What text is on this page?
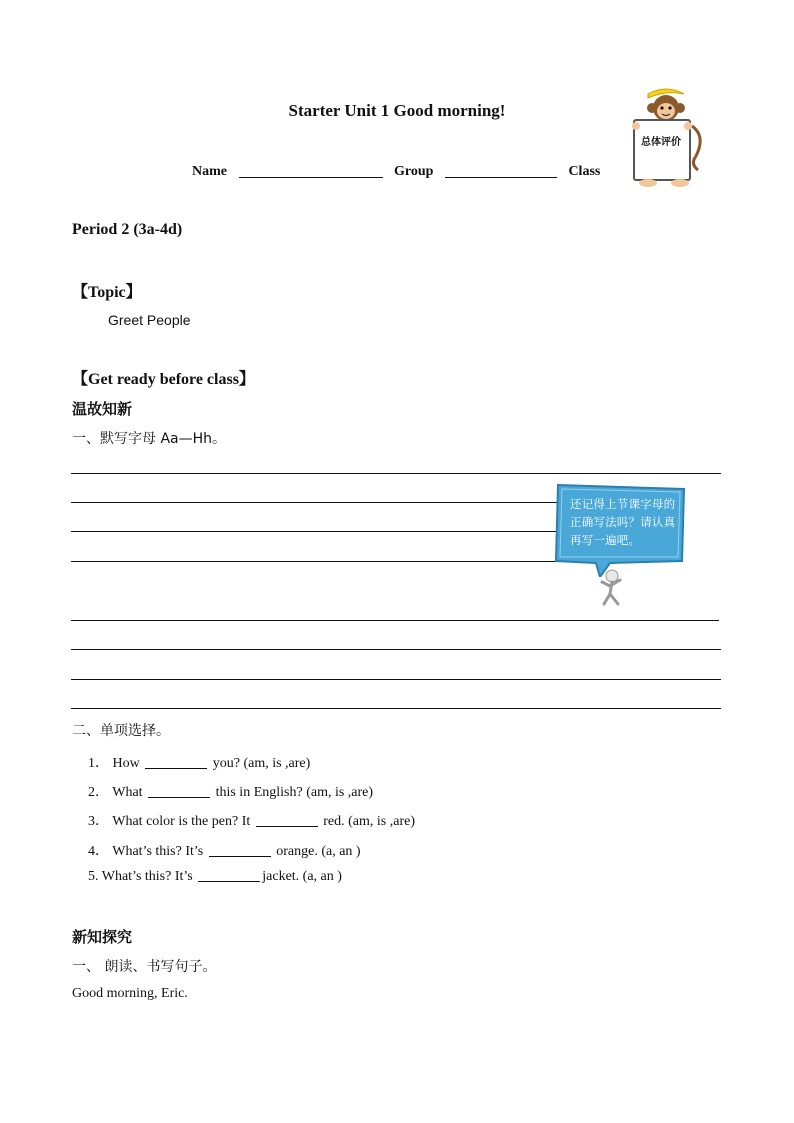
Starter Unit 1 Good morning!
Name	Group	Class
总体评价
Period 2 (3a-4d)
【Topic】
Greet People
【Get ready before class】
温故知新
一、默写字母 Aa—Hh。
还记得上节课字母的正确写法吗？请认真再写一遍吧。
二、单项选择。
1． How	you? (am, is ,are)
2． What	this in English? (am, is ,are)
3． What color is the pen? It	red. (am, is ,are)
4． What’s this? It’s	orange. (a, an )
5. What’s this? It’s	jacket. (a, an )
新知探究
一、 朗读、书写句子。
Good morning, Eric.
